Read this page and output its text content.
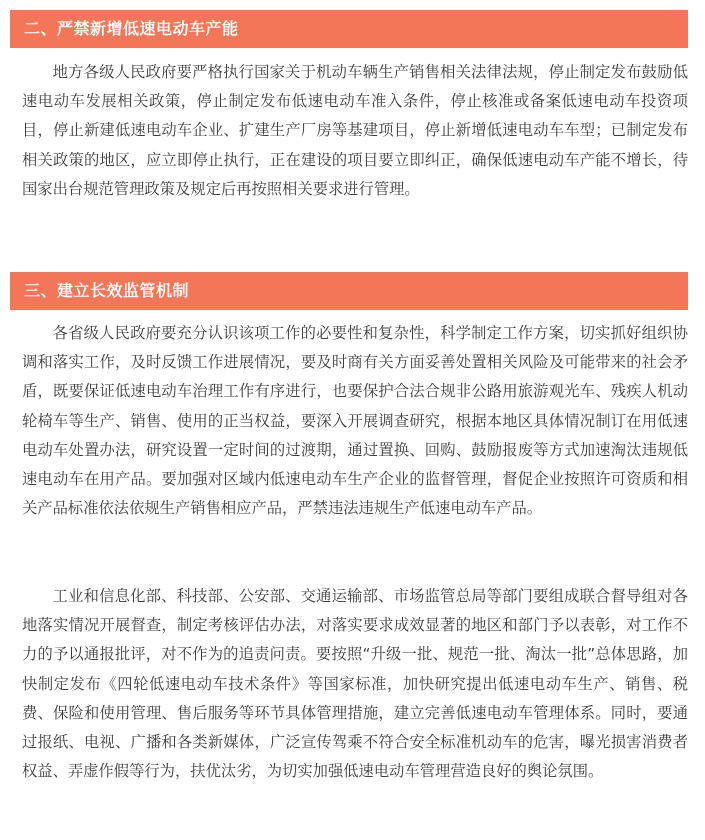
二、严禁新增低速电动车产能

地方各级人民政府要严格执行国家关于机动车辆生产销售相关法律法规，停止制定发布鼓励低速电动车发展相关政策，停止制定发布低速电动车准入条件，停止核准或备案低速电动车投资项目，停止新建低速电动车企业、扩建生产厂房等基建项目，停止新增低速电动车车型；已制定发布相关政策的地区，应立即停止执行，正在建设的项目要立即纠正，确保低速电动车产能不增长，待国家出台规范管理政策及规定后再按照相关要求进行管理。

三、建立长效监管机制

各省级人民政府要充分认识该项工作的必要性和复杂性，科学制定工作方案，切实抓好组织协调和落实工作，及时反馈工作进展情况，要及时商有关方面妥善处置相关风险及可能带来的社会矛盾，既要保证低速电动车治理工作有序进行，也要保护合法合规非公路用旅游观光车、残疾人机动轮椅车等生产、销售、使用的正当权益，要深入开展调查研究，根据本地区具体情况制订在用低速电动车处置办法，研究设置一定时间的过渡期，通过置换、回购、鼓励报废等方式加速淘汰违规低速电动车在用产品。要加强对区域内低速电动车生产企业的监督管理，督促企业按照许可资质和相关产品标准依法依规生产销售相应产品，严禁违法违规生产低速电动车产品。

工业和信息化部、科技部、公安部、交通运输部、市场监管总局等部门要组成联合督导组对各地落实情况开展督查，制定考核评估办法，对落实要求成效显著的地区和部门予以表彰，对工作不力的予以通报批评，对不作为的追责问责。要按照“升级一批、规范一批、淘汰一批”总体思路，加快制定发布《四轮低速电动车技术条件》等国家标准，加快研究提出低速电动车生产、销售、税费、保险和使用管理、售后服务等环节具体管理措施，建立完善低速电动车管理体系。同时，要通过报纸、电视、广播和各类新媒体，广泛宣传驾乘不符合安全标准机动车的危害，曝光损害消费者权益、弄虚作假等行为，扶优汰劣，为切实加强低速电动车管理营造良好的舆论氛围。
